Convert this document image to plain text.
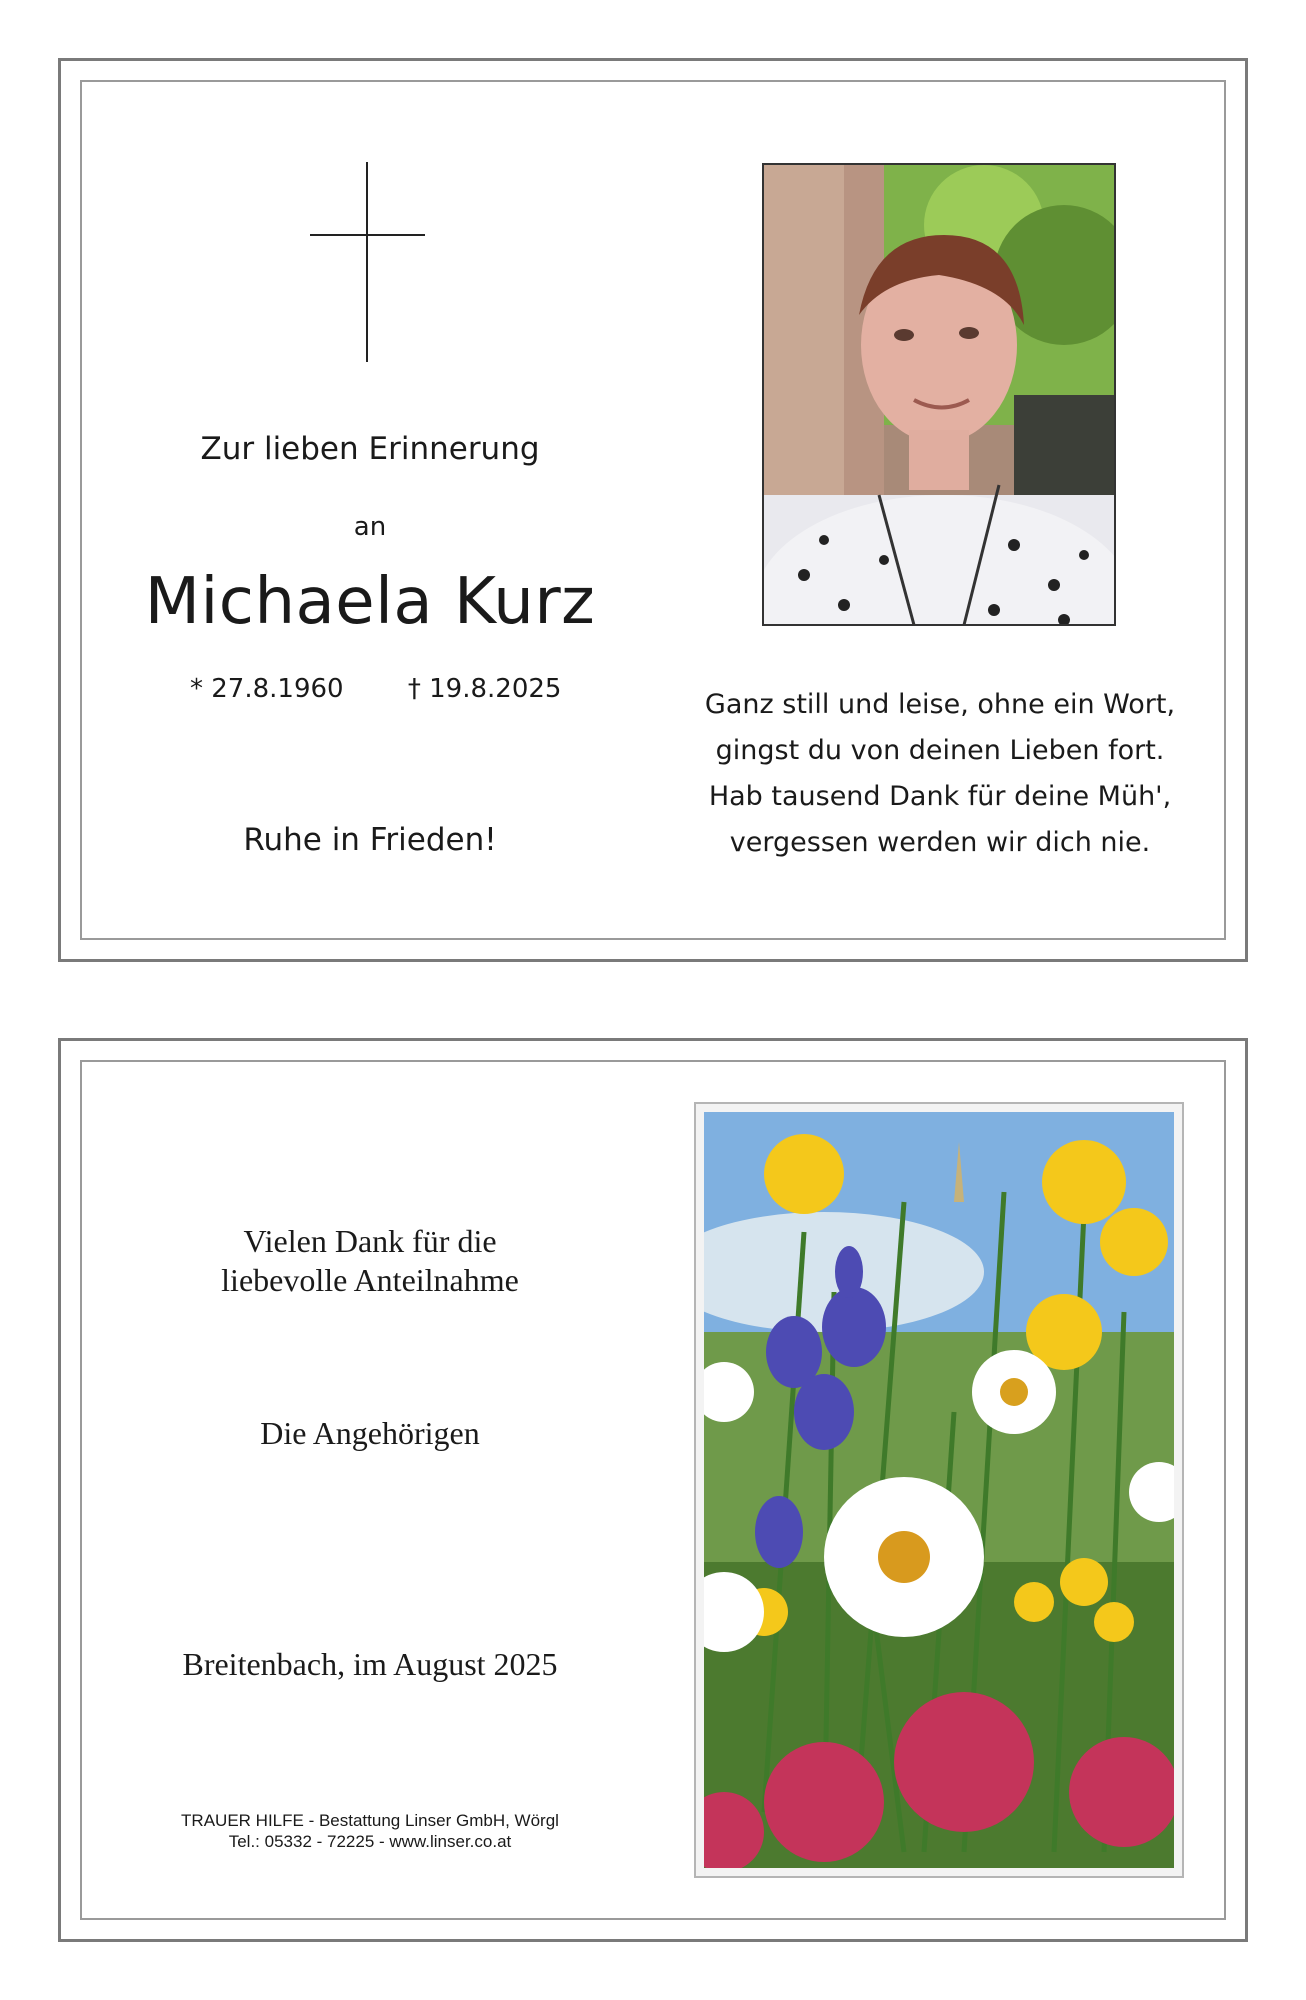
Zur lieben Erinnerung
an
Michaela Kurz
* 27.8.1960 † 19.8.2025
Ruhe in Frieden!
Ganz still und leise, ohne ein Wort,
gingst du von deinen Lieben fort.
Hab tausend Dank für deine Müh',
vergessen werden wir dich nie.
Vielen Dank für die
liebevolle Anteilnahme
Die Angehörigen
Breitenbach, im August 2025
TRAUER HILFE - Bestattung Linser GmbH, Wörgl
Tel.: 05332 - 72225 - www.linser.co.at
